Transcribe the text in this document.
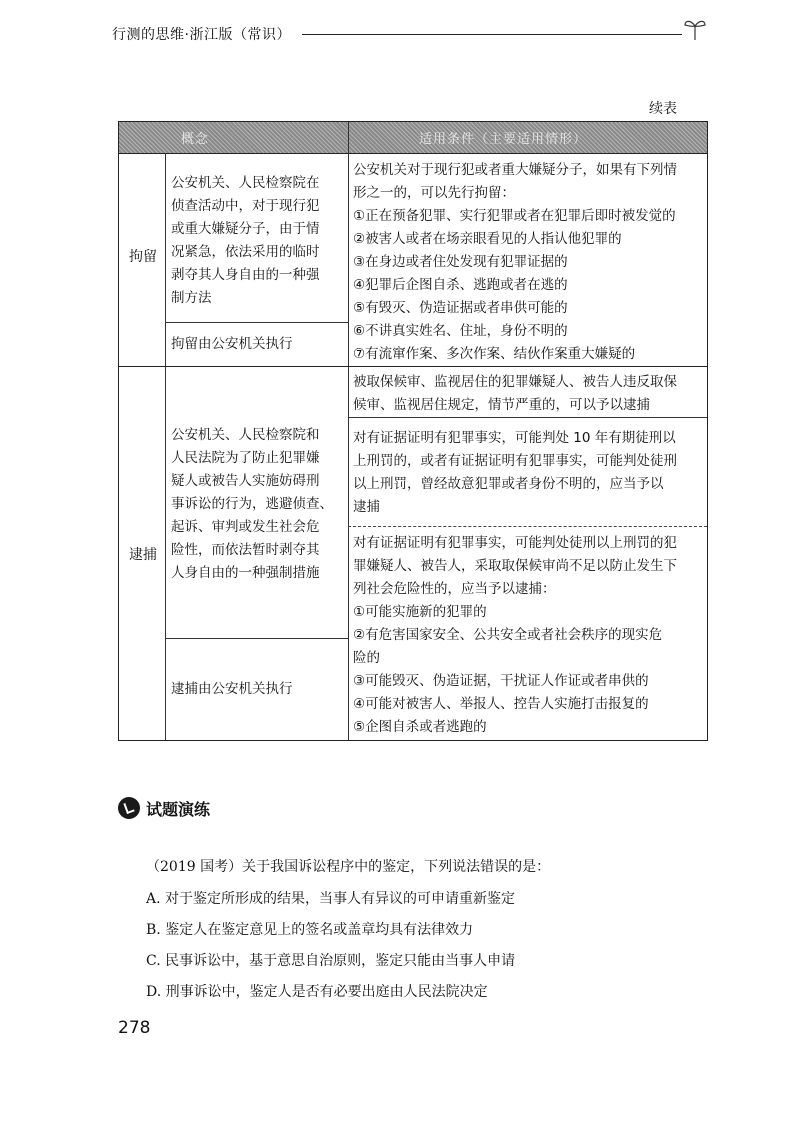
行测的思维·浙江版（常识）
续表
概念	适用条件（主要适用情形）
拘留
公安机关、人民检察院在
侦查活动中，对于现行犯
或重大嫌疑分子，由于情
况紧急，依法采用的临时
剥夺其人身自由的一种强
制方法
拘留由公安机关执行
公安机关对于现行犯或者重大嫌疑分子，如果有下列情
形之一的，可以先行拘留：
①正在预备犯罪、实行犯罪或者在犯罪后即时被发觉的
②被害人或者在场亲眼看见的人指认他犯罪的
③在身边或者住处发现有犯罪证据的
④犯罪后企图自杀、逃跑或者在逃的
⑤有毁灭、伪造证据或者串供可能的
⑥不讲真实姓名、住址，身份不明的
⑦有流窜作案、多次作案、结伙作案重大嫌疑的
逮捕
公安机关、人民检察院和
人民法院为了防止犯罪嫌
疑人或被告人实施妨碍刑
事诉讼的行为，逃避侦查、
起诉、审判或发生社会危
险性，而依法暂时剥夺其
人身自由的一种强制措施
逮捕由公安机关执行
被取保候审、监视居住的犯罪嫌疑人、被告人违反取保
候审、监视居住规定，情节严重的，可以予以逮捕
对有证据证明有犯罪事实，可能判处 10 年有期徒刑以
上刑罚的，或者有证据证明有犯罪事实，可能判处徒刑
以上刑罚，曾经故意犯罪或者身份不明的，应当予以
逮捕
对有证据证明有犯罪事实，可能判处徒刑以上刑罚的犯
罪嫌疑人、被告人，采取取保候审尚不足以防止发生下
列社会危险性的，应当予以逮捕：
①可能实施新的犯罪的
②有危害国家安全、公共安全或者社会秩序的现实危
险的
③可能毁灭、伪造证据，干扰证人作证或者串供的
④可能对被害人、举报人、控告人实施打击报复的
⑤企图自杀或者逃跑的
试题演练
（2019 国考）关于我国诉讼程序中的鉴定，下列说法错误的是：
A. 对于鉴定所形成的结果，当事人有异议的可申请重新鉴定
B. 鉴定人在鉴定意见上的签名或盖章均具有法律效力
C. 民事诉讼中，基于意思自治原则，鉴定只能由当事人申请
D. 刑事诉讼中，鉴定人是否有必要出庭由人民法院决定
278
